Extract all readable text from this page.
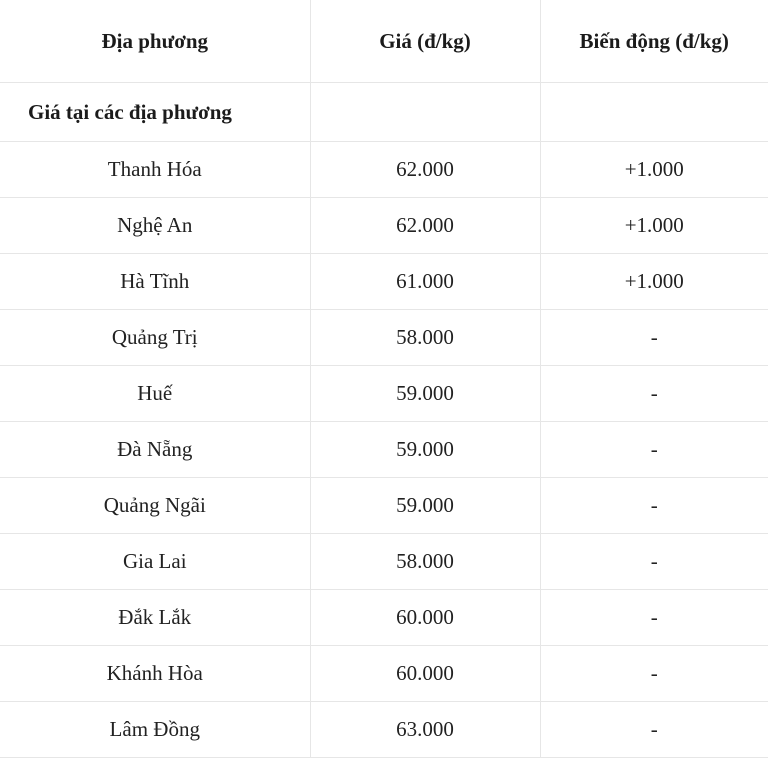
Địa phương	Giá (đ/kg)	Biến động (đ/kg)
Giá tại các địa phương		
Thanh Hóa	62.000	+1.000
Nghệ An	62.000	+1.000
Hà Tĩnh	61.000	+1.000
Quảng Trị	58.000	-
Huế	59.000	-
Đà Nẵng	59.000	-
Quảng Ngãi	59.000	-
Gia Lai	58.000	-
Đắk Lắk	60.000	-
Khánh Hòa	60.000	-
Lâm Đồng	63.000	-
